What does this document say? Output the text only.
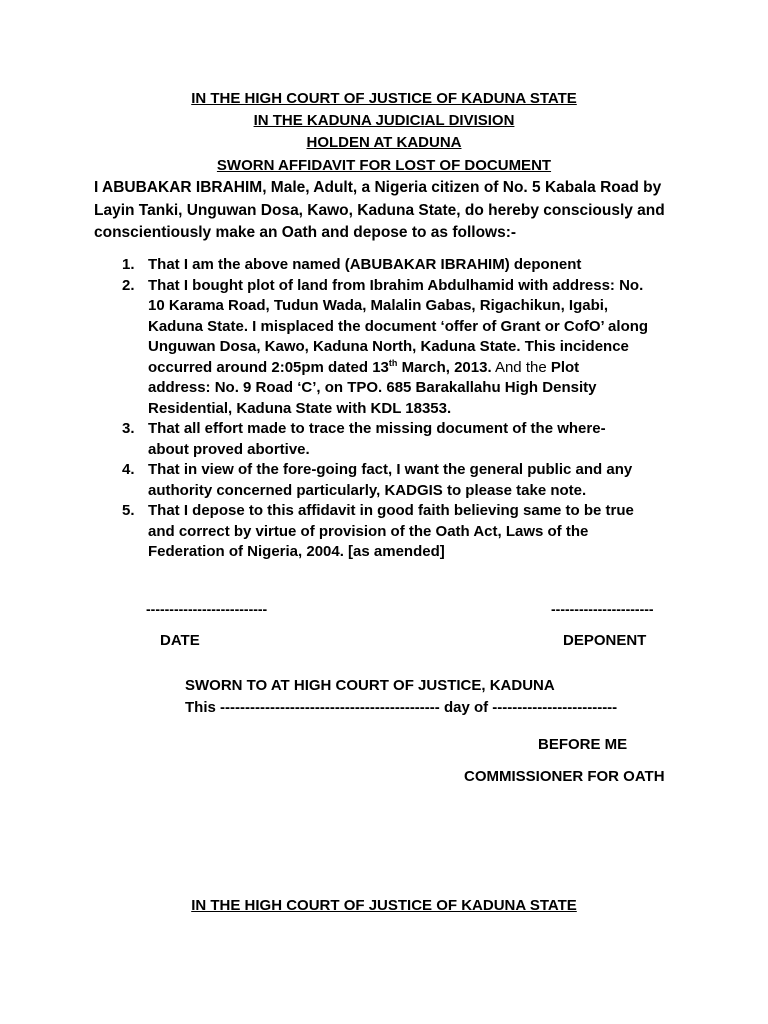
IN THE HIGH COURT OF JUSTICE OF KADUNA STATE
IN THE KADUNA JUDICIAL DIVISION
HOLDEN AT KADUNA
SWORN AFFIDAVIT FOR LOST OF DOCUMENT
I ABUBAKAR IBRAHIM, Male, Adult, a Nigeria citizen of No. 5 Kabala Road by
Layin Tanki, Unguwan Dosa, Kawo, Kaduna State, do hereby consciously and
conscientiously make an Oath and depose to as follows:-
1. That I am the above named (ABUBAKAR IBRAHIM) deponent
2. That I bought plot of land from Ibrahim Abdulhamid with address: No.
10 Karama Road, Tudun Wada, Malalin Gabas, Rigachikun, Igabi,
Kaduna State. I misplaced the document ‘offer of Grant or CofO’ along
Unguwan Dosa, Kawo, Kaduna North, Kaduna State. This incidence
occurred around 2:05pm dated 13th March, 2013. And the Plot
address: No. 9 Road ‘C’, on TPO. 685 Barakallahu High Density
Residential, Kaduna State with KDL 18353.
3. That all effort made to trace the missing document of the where-
about proved abortive.
4. That in view of the fore-going fact, I want the general public and any
authority concerned particularly, KADGIS to please take note.
5. That I depose to this affidavit in good faith believing same to be true
and correct by virtue of provision of the Oath Act, Laws of the
Federation of Nigeria, 2004. [as amended]
--------------------------	----------------------
DATE	DEPONENT
SWORN TO AT HIGH COURT OF JUSTICE, KADUNA
This -------------------------------------------- day of -------------------------
BEFORE ME
COMMISSIONER FOR OATH
IN THE HIGH COURT OF JUSTICE OF KADUNA STATE
